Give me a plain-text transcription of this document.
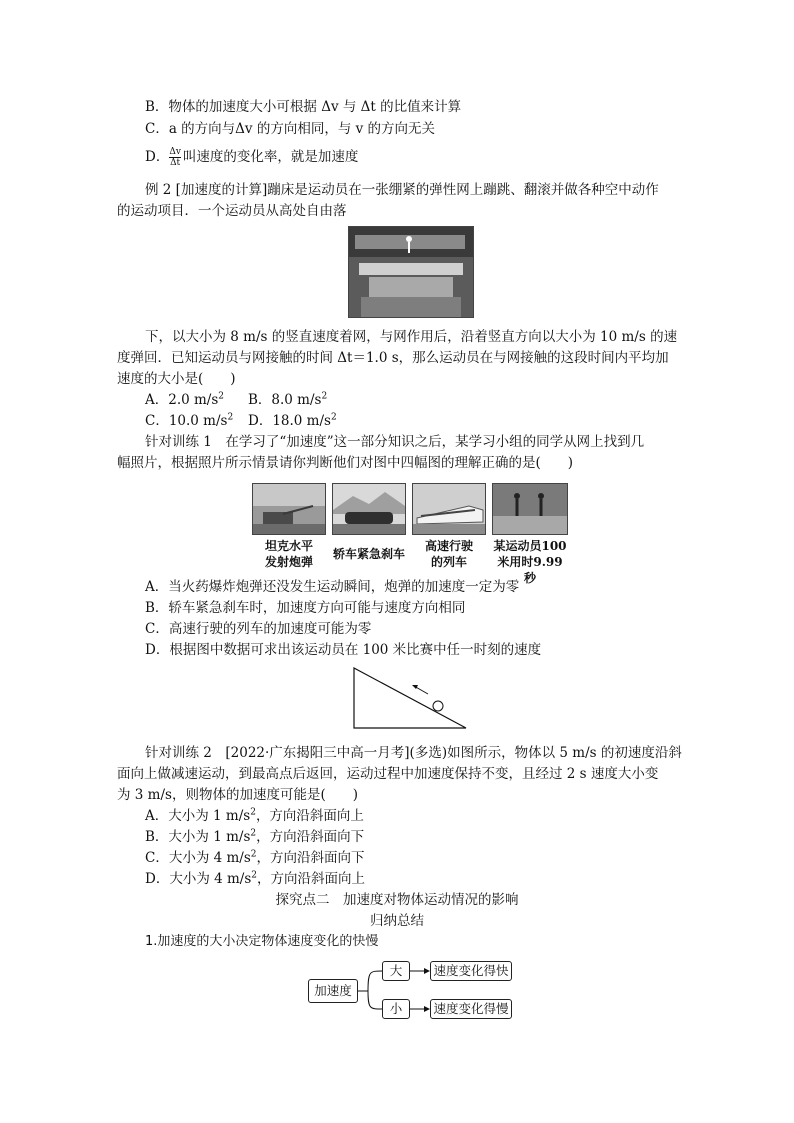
B．物体的加速度大小可根据 Δv 与 Δt 的比值来计算
C．a 的方向与Δv 的方向相同，与 v 的方向无关
D． $\frac{\Delta v}{\Delta t}$ 叫速度的变化率，就是加速度
例 2 [加速度的计算]蹦床是运动员在一张绷紧的弹性网上蹦跳、翻滚并做各种空中动作
的运动项目．一个运动员从高处自由落
下，以大小为 8 m/s 的竖直速度着网，与网作用后，沿着竖直方向以大小为 10 m/s 的速
度弹回．已知运动员与网接触的时间 Δt＝1.0 s，那么运动员在与网接触的这段时间内平均加
速度的大小是(　　)
A．2.0 $m/s^2$ B．8.0 $m/s^2$
C．10.0 $m/s^2$ D．18.0 $m/s^2$
针对训练 1　在学习了“加速度”这一部分知识之后，某学习小组的同学从网上找到几
幅照片，根据照片所示情景请你判断他们对图中四幅图的理解正确的是(　　)
坦克水平
发射炮弹
轿车紧急刹车
高速行驶
的列车
某运动员100
米用时9.99秒
A．当火药爆炸炮弹还没发生运动瞬间，炮弹的加速度一定为零
B．轿车紧急刹车时，加速度方向可能与速度方向相同
C．高速行驶的列车的加速度可能为零
D．根据图中数据可求出该运动员在 100 米比赛中任一时刻的速度
针对训练 2　[2022·广东揭阳三中高一月考](多选)如图所示，物体以 5 m/s 的初速度沿斜
面向上做减速运动，到最高点后返回，运动过程中加速度保持不变，且经过 2 s 速度大小变
为 3 m/s，则物体的加速度可能是(　　)
A．大小为 1 $m/s^2$，方向沿斜面向上
B．大小为 1 $m/s^2$，方向沿斜面向下
C．大小为 4 $m/s^2$，方向沿斜面向下
D．大小为 4 $m/s^2$，方向沿斜面向上
探究点二　加速度对物体运动情况的影响
归纳总结
1.加速度的大小决定物体速度变化的快慢
加速度
大
小
速度变化得快
速度变化得慢
